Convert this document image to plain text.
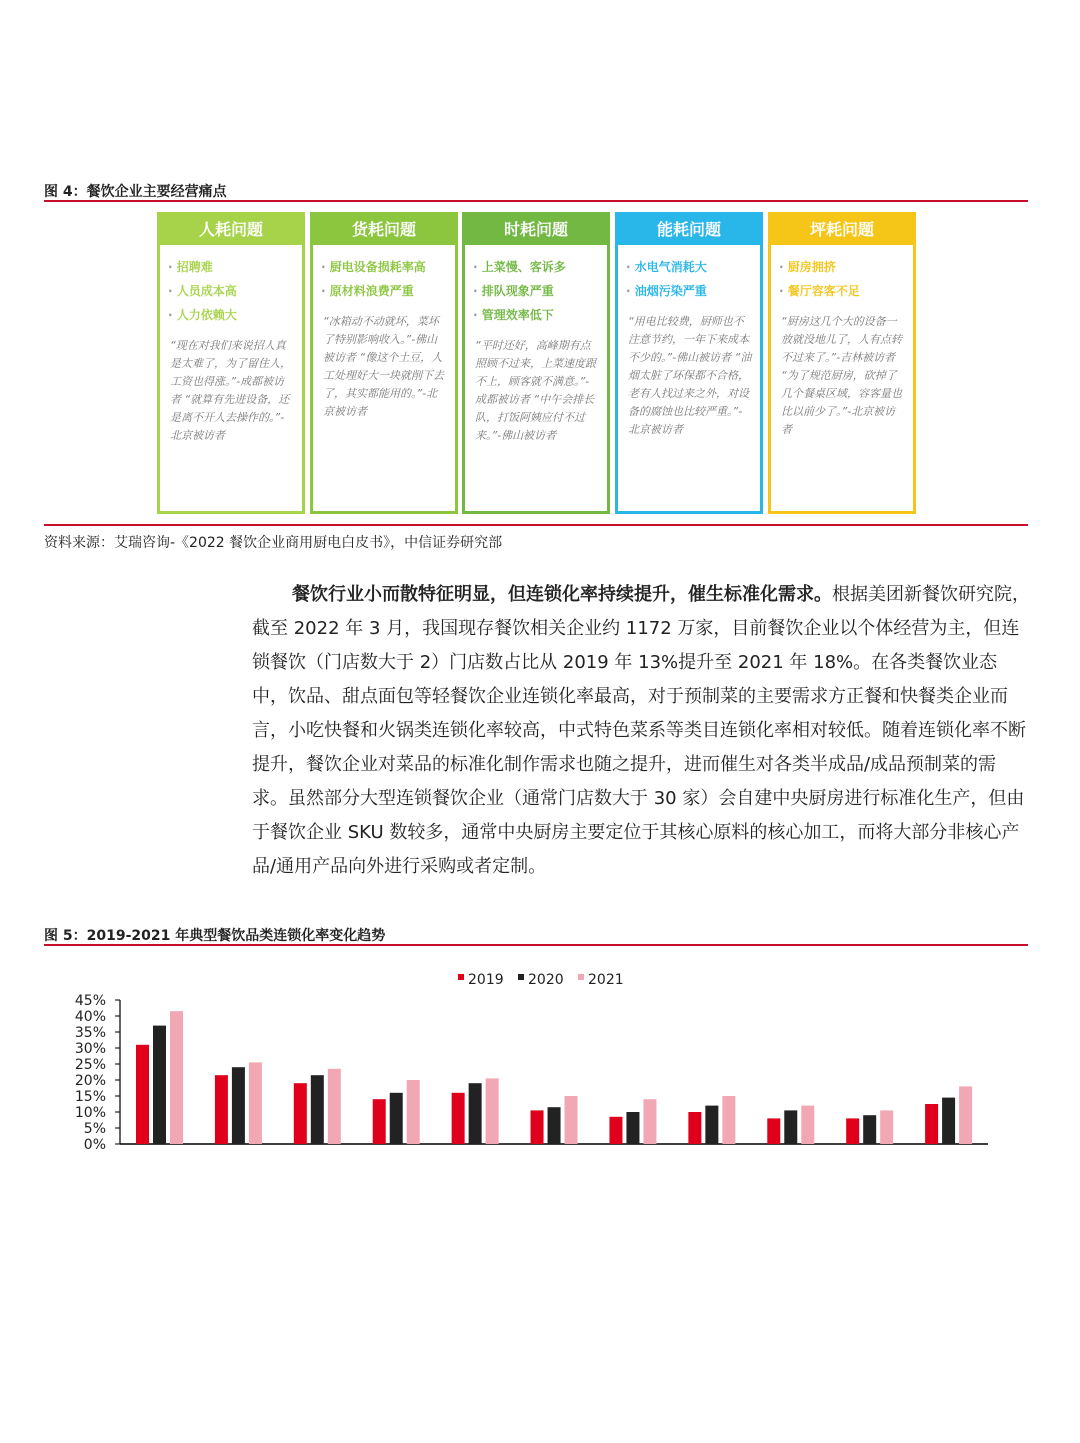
图 4：餐饮企业主要经营痛点
人耗问题
· 招聘难
· 人员成本高
· 人力依赖大
“现在对我们来说招人真是太难了，为了留住人，工资也得涨。”-成都被访者 “就算有先进设备，还是离不开人去操作的。”-北京被访者
货耗问题
· 厨电设备损耗率高
· 原材料浪费严重
“冰箱动不动就坏，菜坏了特别影响收入。”-佛山被访者 “像这个土豆，人工处理好大一块就削下去了，其实都能用的。”-北京被访者
时耗问题
· 上菜慢、客诉多
· 排队现象严重
· 管理效率低下
“平时还好，高峰期有点照顾不过来，上菜速度跟不上，顾客就不满意。”-成都被访者 “中午会排长队，打饭阿姨应付不过来。”-佛山被访者
能耗问题
· 水电气消耗大
· 油烟污染严重
“用电比较费，厨师也不注意节约，一年下来成本不少的。”-佛山被访者 “油烟太脏了环保都不合格，老有人找过来之外，对设备的腐蚀也比较严重。”-北京被访者
坪耗问题
· 厨房拥挤
· 餐厅容客不足
“厨房这几个大的设备一放就没地儿了，人有点转不过来了。”-吉林被访者 “为了规范厨房，砍掉了几个餐桌区域，容客量也比以前少了。”-北京被访者
资料来源：艾瑞咨询-《2022 餐饮企业商用厨电白皮书》，中信证券研究部
餐饮行业小而散特征明显，但连锁化率持续提升，催生标准化需求。根据美团新餐饮研究院，截至 2022 年 3 月，我国现存餐饮相关企业约 1172 万家，目前餐饮企业以个体经营为主，但连锁餐饮（门店数大于 2）门店数占比从 2019 年 13%提升至 2021 年 18%。在各类餐饮业态中，饮品、甜点面包等轻餐饮企业连锁化率最高，对于预制菜的主要需求方正餐和快餐类企业而言，小吃快餐和火锅类连锁化率较高，中式特色菜系等类目连锁化率相对较低。随着连锁化率不断提升，餐饮企业对菜品的标准化制作需求也随之提升，进而催生对各类半成品/成品预制菜的需求。虽然部分大型连锁餐饮企业（通常门店数大于 30 家）会自建中央厨房进行标准化生产，但由于餐饮企业 SKU 数较多，通常中央厨房主要定位于其核心原料的核心加工，而将大部分非核心产品/通用产品向外进行采购或者定制。
图 5：2019-2021 年典型餐饮品类连锁化率变化趋势
0%
5%
10%
15%
20%
25%
30%
35%
40%
45%
2019 2020 2021
